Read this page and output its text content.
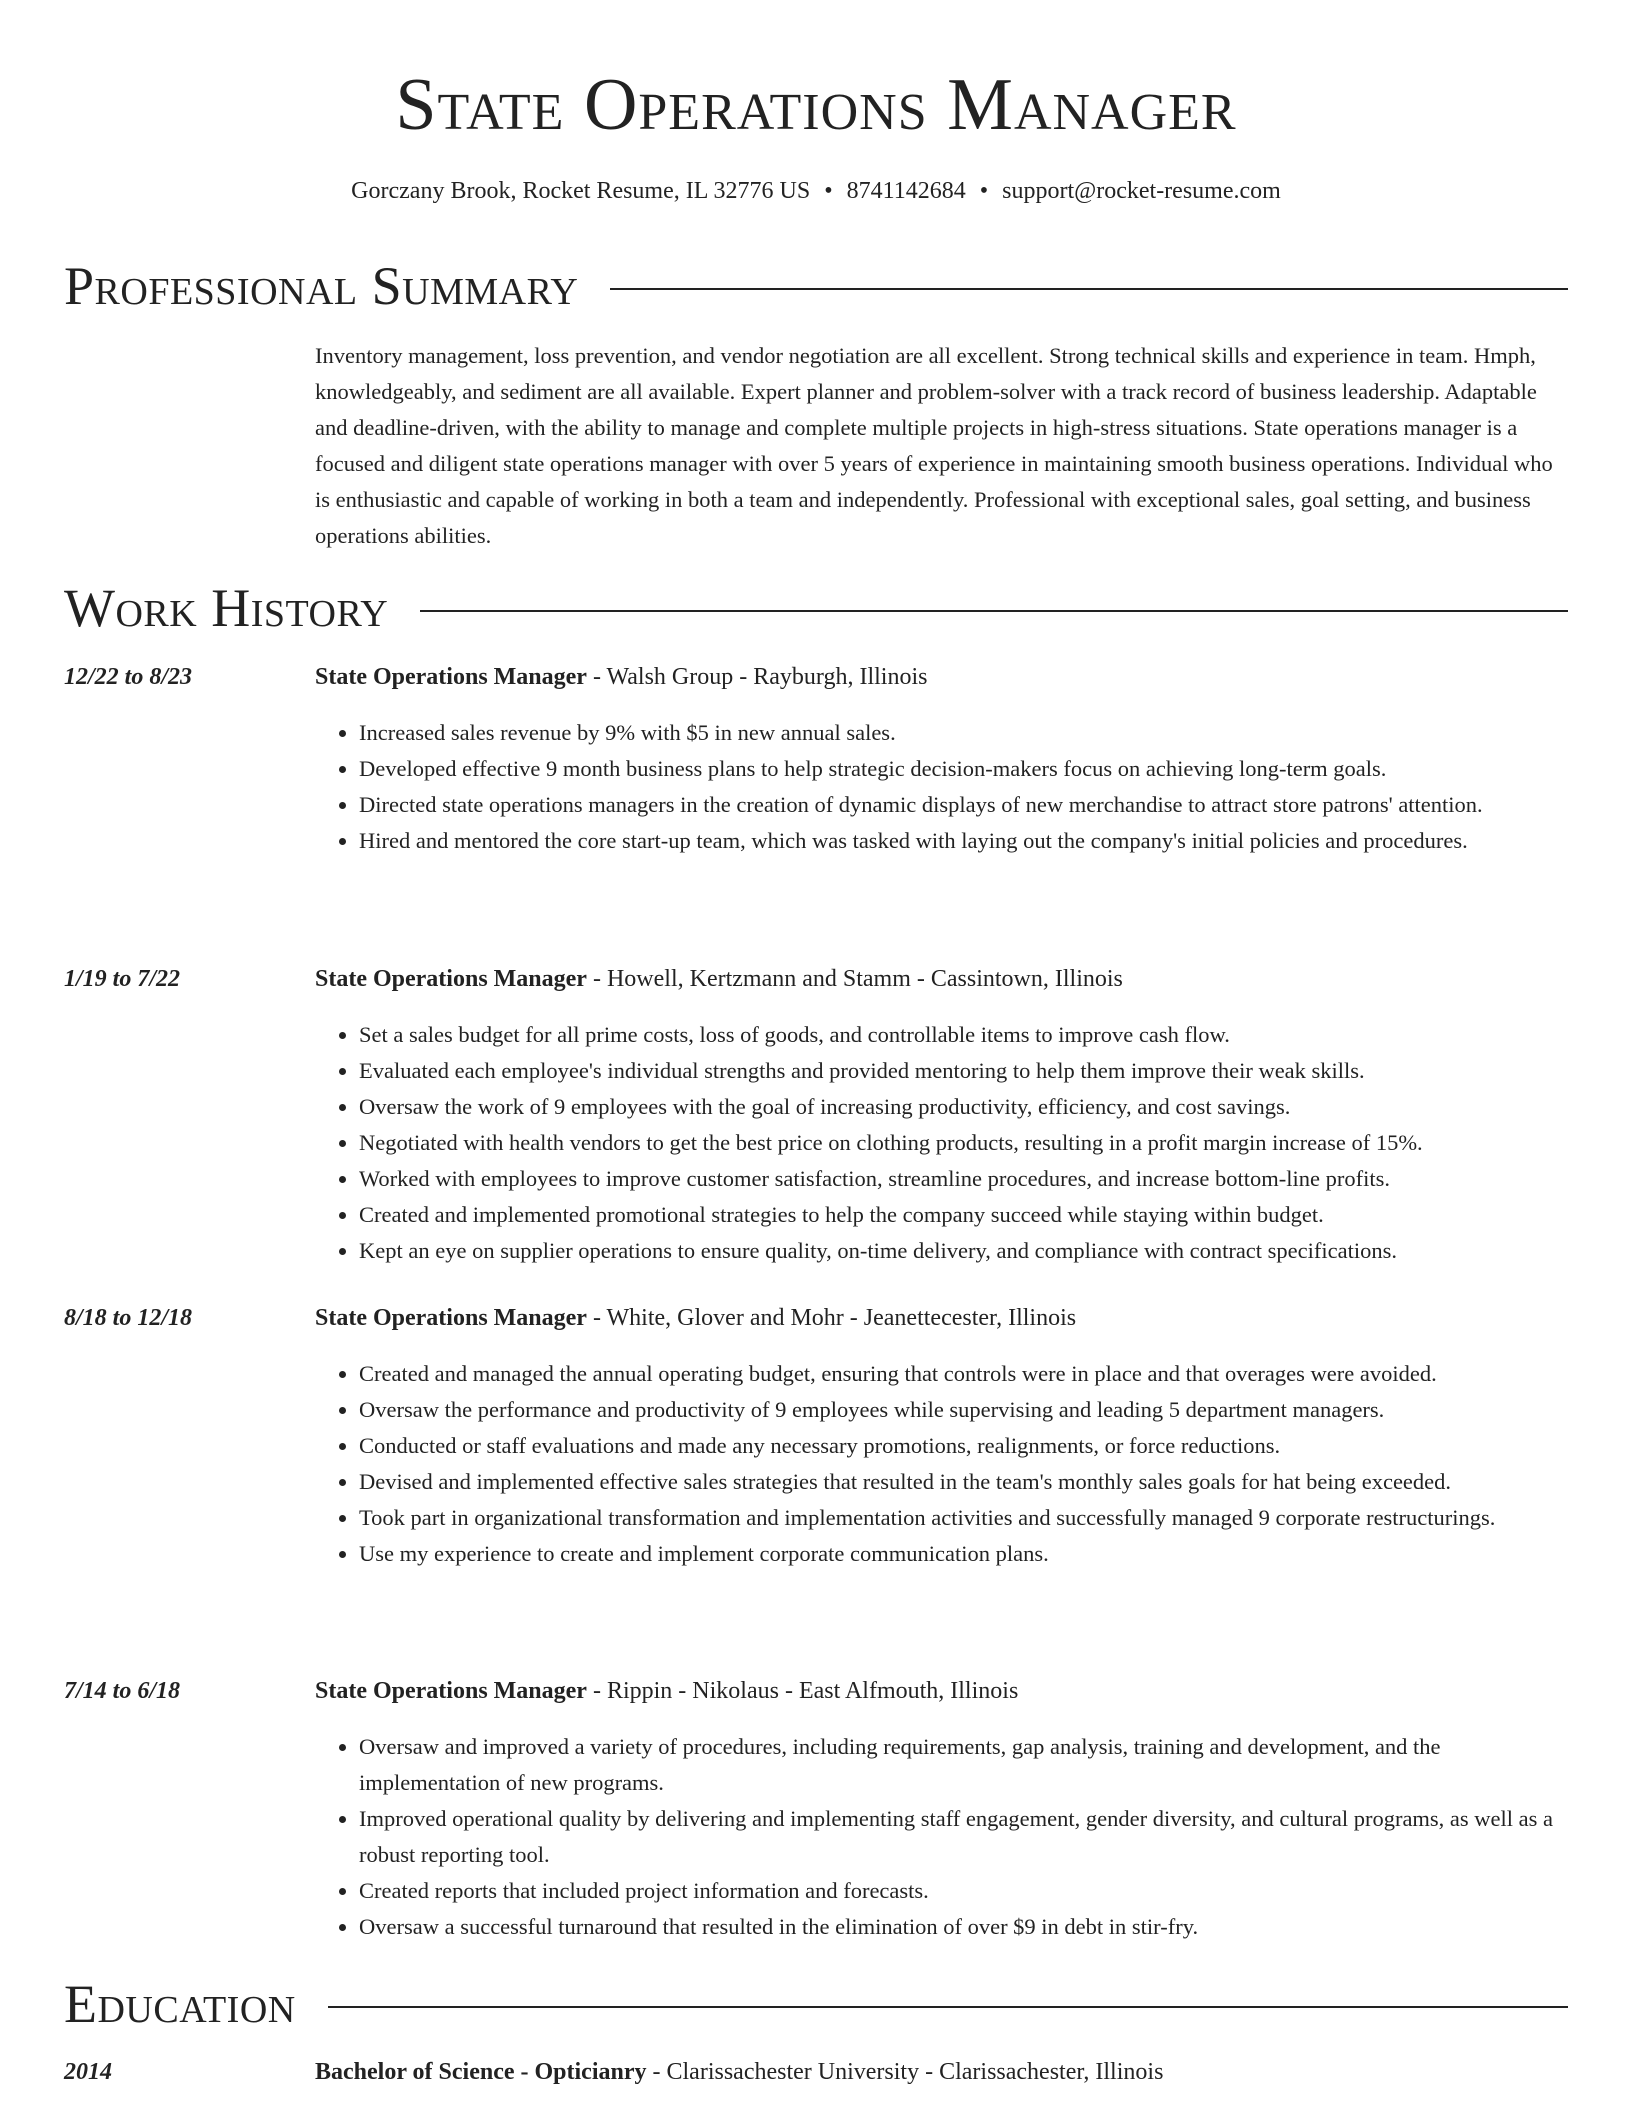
State Operations Manager
Gorczany Brook, Rocket Resume, IL 32776 US • 8741142684 • support@rocket-resume.com
Professional Summary

Inventory management, loss prevention, and vendor negotiation are all excellent. Strong technical skills and experience in team. Hmph, knowledgeably, and sediment are all available. Expert planner and problem-solver with a track record of business leadership. Adaptable and deadline-driven, with the ability to manage and complete multiple projects in high-stress situations. State operations manager is a focused and diligent state operations manager with over 5 years of experience in maintaining smooth business operations. Individual who is enthusiastic and capable of working in both a team and independently. Professional with exceptional sales, goal setting, and business operations abilities.

Work History
12/22 to 8/23	State Operations Manager - Walsh Group - Rayburgh, Illinois
• Increased sales revenue by 9% with $5 in new annual sales.
• Developed effective 9 month business plans to help strategic decision-makers focus on achieving long-term goals.
• Directed state operations managers in the creation of dynamic displays of new merchandise to attract store patrons' attention.
• Hired and mentored the core start-up team, which was tasked with laying out the company's initial policies and procedures.
1/19 to 7/22	State Operations Manager - Howell, Kertzmann and Stamm - Cassintown, Illinois
• Set a sales budget for all prime costs, loss of goods, and controllable items to improve cash flow.
• Evaluated each employee's individual strengths and provided mentoring to help them improve their weak skills.
• Oversaw the work of 9 employees with the goal of increasing productivity, efficiency, and cost savings.
• Negotiated with health vendors to get the best price on clothing products, resulting in a profit margin increase of 15%.
• Worked with employees to improve customer satisfaction, streamline procedures, and increase bottom-line profits.
• Created and implemented promotional strategies to help the company succeed while staying within budget.
• Kept an eye on supplier operations to ensure quality, on-time delivery, and compliance with contract specifications.
8/18 to 12/18	State Operations Manager - White, Glover and Mohr - Jeanettecester, Illinois
• Created and managed the annual operating budget, ensuring that controls were in place and that overages were avoided.
• Oversaw the performance and productivity of 9 employees while supervising and leading 5 department managers.
• Conducted or staff evaluations and made any necessary promotions, realignments, or force reductions.
• Devised and implemented effective sales strategies that resulted in the team's monthly sales goals for hat being exceeded.
• Took part in organizational transformation and implementation activities and successfully managed 9 corporate restructurings.
• Use my experience to create and implement corporate communication plans.
7/14 to 6/18	State Operations Manager - Rippin - Nikolaus - East Alfmouth, Illinois
• Oversaw and improved a variety of procedures, including requirements, gap analysis, training and development, and the implementation of new programs.
• Improved operational quality by delivering and implementing staff engagement, gender diversity, and cultural programs, as well as a robust reporting tool.
• Created reports that included project information and forecasts.
• Oversaw a successful turnaround that resulted in the elimination of over $9 in debt in stir-fry.
Education
2014	Bachelor of Science - Opticianry - Clarissachester University - Clarissachester, Illinois
